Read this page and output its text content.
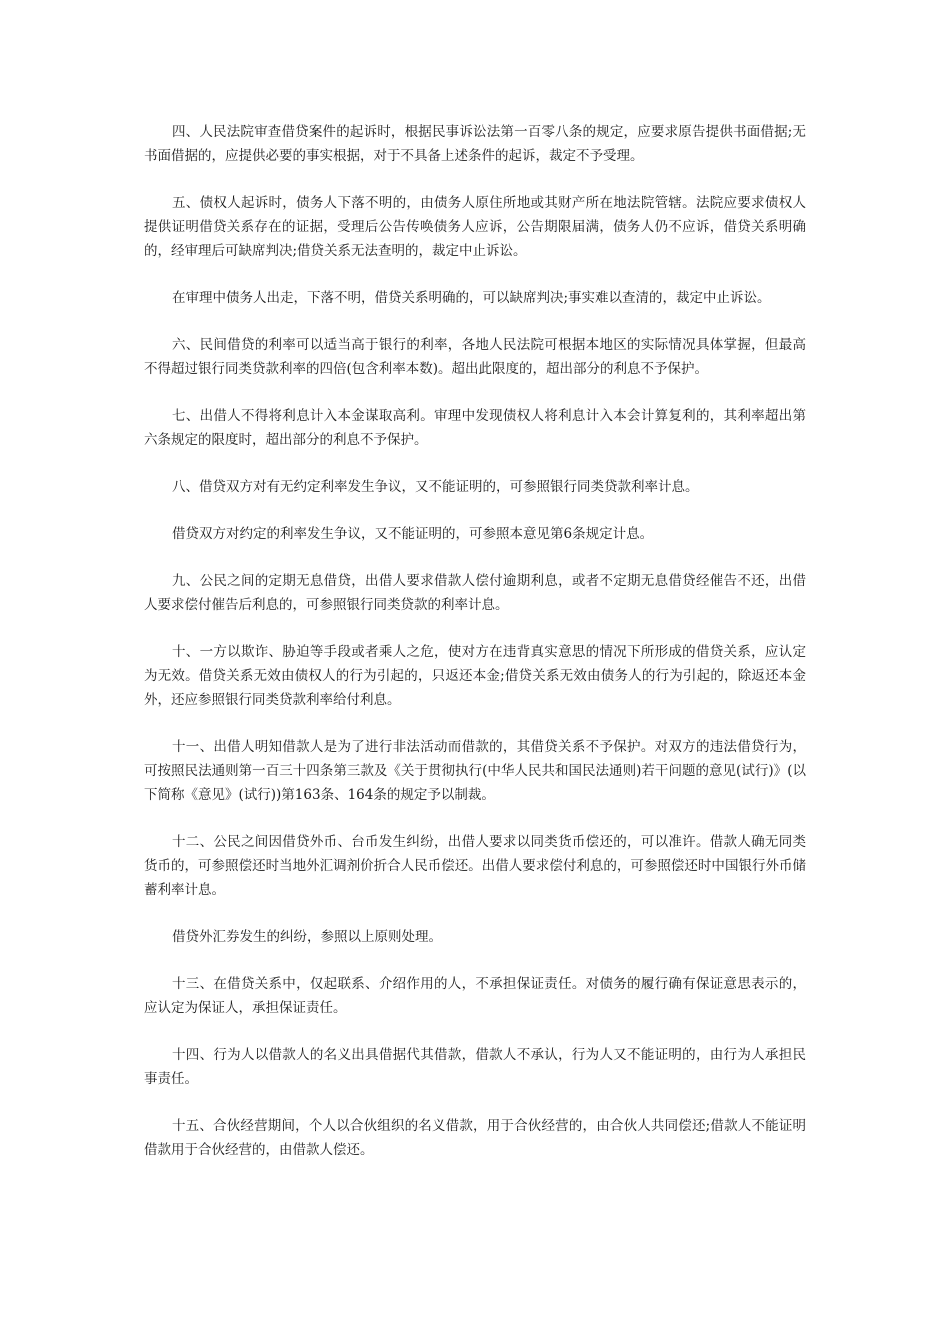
四、人民法院审查借贷案件的起诉时，根据民事诉讼法第一百零八条的规定，应要求原告提供书面借据;无书面借据的，应提供必要的事实根据，对于不具备上述条件的起诉，裁定不予受理。

五、债权人起诉时，债务人下落不明的，由债务人原住所地或其财产所在地法院管辖。法院应要求债权人提供证明借贷关系存在的证据，受理后公告传唤债务人应诉，公告期限届满，债务人仍不应诉，借贷关系明确的，经审理后可缺席判决;借贷关系无法查明的，裁定中止诉讼。

在审理中债务人出走，下落不明，借贷关系明确的，可以缺席判决;事实难以查清的，裁定中止诉讼。

六、民间借贷的利率可以适当高于银行的利率，各地人民法院可根据本地区的实际情况具体掌握，但最高不得超过银行同类贷款利率的四倍(包含利率本数)。超出此限度的，超出部分的利息不予保护。

七、出借人不得将利息计入本金谋取高利。审理中发现债权人将利息计入本会计算复利的，其利率超出第六条规定的限度时，超出部分的利息不予保护。

八、借贷双方对有无约定利率发生争议，又不能证明的，可参照银行同类贷款利率计息。

借贷双方对约定的利率发生争议，又不能证明的，可参照本意见第6条规定计息。

九、公民之间的定期无息借贷，出借人要求借款人偿付逾期利息，或者不定期无息借贷经催告不还，出借人要求偿付催告后利息的，可参照银行同类贷款的利率计息。

十、一方以欺诈、胁迫等手段或者乘人之危，使对方在违背真实意思的情况下所形成的借贷关系，应认定为无效。借贷关系无效由债权人的行为引起的，只返还本金;借贷关系无效由债务人的行为引起的，除返还本金外，还应参照银行同类贷款利率给付利息。

十一、出借人明知借款人是为了进行非法活动而借款的，其借贷关系不予保护。对双方的违法借贷行为，可按照民法通则第一百三十四条第三款及《关于贯彻执行(中华人民共和国民法通则)若干问题的意见(试行)》(以下简称《意见》(试行))第163条、164条的规定予以制裁。

十二、公民之间因借贷外币、台币发生纠纷，出借人要求以同类货币偿还的，可以准许。借款人确无同类货币的，可参照偿还时当地外汇调剂价折合人民币偿还。出借人要求偿付利息的，可参照偿还时中国银行外币储蓄利率计息。

借贷外汇券发生的纠纷，参照以上原则处理。

十三、在借贷关系中，仅起联系、介绍作用的人，不承担保证责任。对债务的履行确有保证意思表示的，应认定为保证人，承担保证责任。

十四、行为人以借款人的名义出具借据代其借款，借款人不承认，行为人又不能证明的，由行为人承担民事责任。

十五、合伙经营期间，个人以合伙组织的名义借款，用于合伙经营的，由合伙人共同偿还;借款人不能证明借款用于合伙经营的，由借款人偿还。
